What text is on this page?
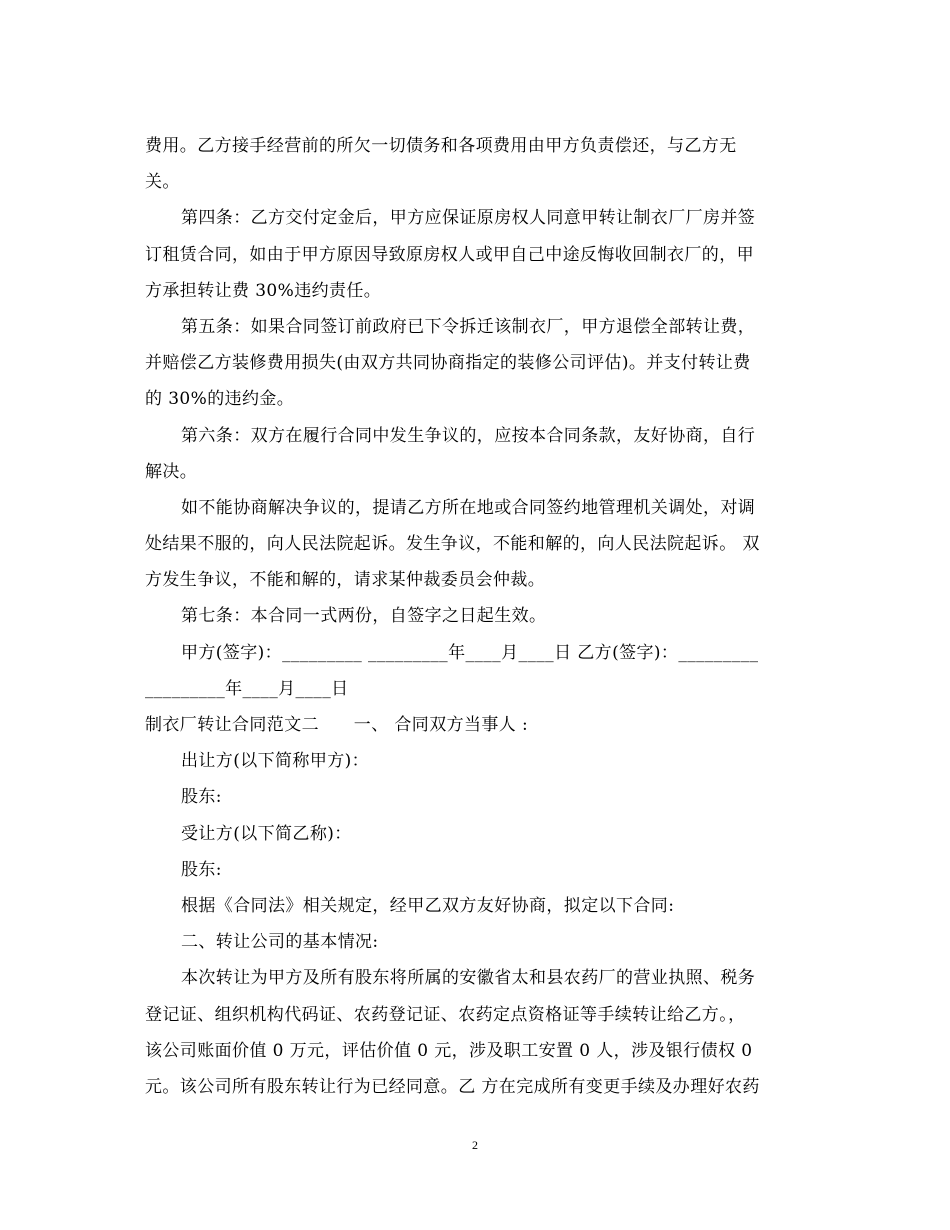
费用。乙方接手经营前的所欠一切债务和各项费用由甲方负责偿还，与乙方无
关。
第四条：乙方交付定金后，甲方应保证原房权人同意甲转让制衣厂厂房并签
订租赁合同，如由于甲方原因导致原房权人或甲自己中途反悔收回制衣厂的，甲
方承担转让费 30%违约责任。
第五条：如果合同签订前政府已下令拆迁该制衣厂，甲方退偿全部转让费，
并赔偿乙方装修费用损失(由双方共同协商指定的装修公司评估)。并支付转让费
的 30%的违约金。
第六条：双方在履行合同中发生争议的，应按本合同条款，友好协商，自行
解决。
如不能协商解决争议的，提请乙方所在地或合同签约地管理机关调处，对调
处结果不服的，向人民法院起诉。发生争议，不能和解的，向人民法院起诉。 双
方发生争议，不能和解的，请求某仲裁委员会仲裁。
第七条：本合同一式两份，自签字之日起生效。
甲方(签字)：_________ _________年____月____日 乙方(签字)：_________
_________年____月____日
制衣厂转让合同范文二　　一、 合同双方当事人 :
出让方(以下简称甲方)：
股东:
受让方(以下简乙称)：
股东:
根据《合同法》相关规定，经甲乙双方友好协商，拟定以下合同:
二、转让公司的基本情况:
本次转让为甲方及所有股东将所属的安徽省太和县农药厂的营业执照、税务
登记证、组织机构代码证、农药登记证、农药定点资格证等手续转让给乙方。，
该公司账面价值 0 万元，评估价值 0 元，涉及职工安置 0 人，涉及银行债权 0
元。该公司所有股东转让行为已经同意。乙 方在完成所有变更手续及办理好农药
2
